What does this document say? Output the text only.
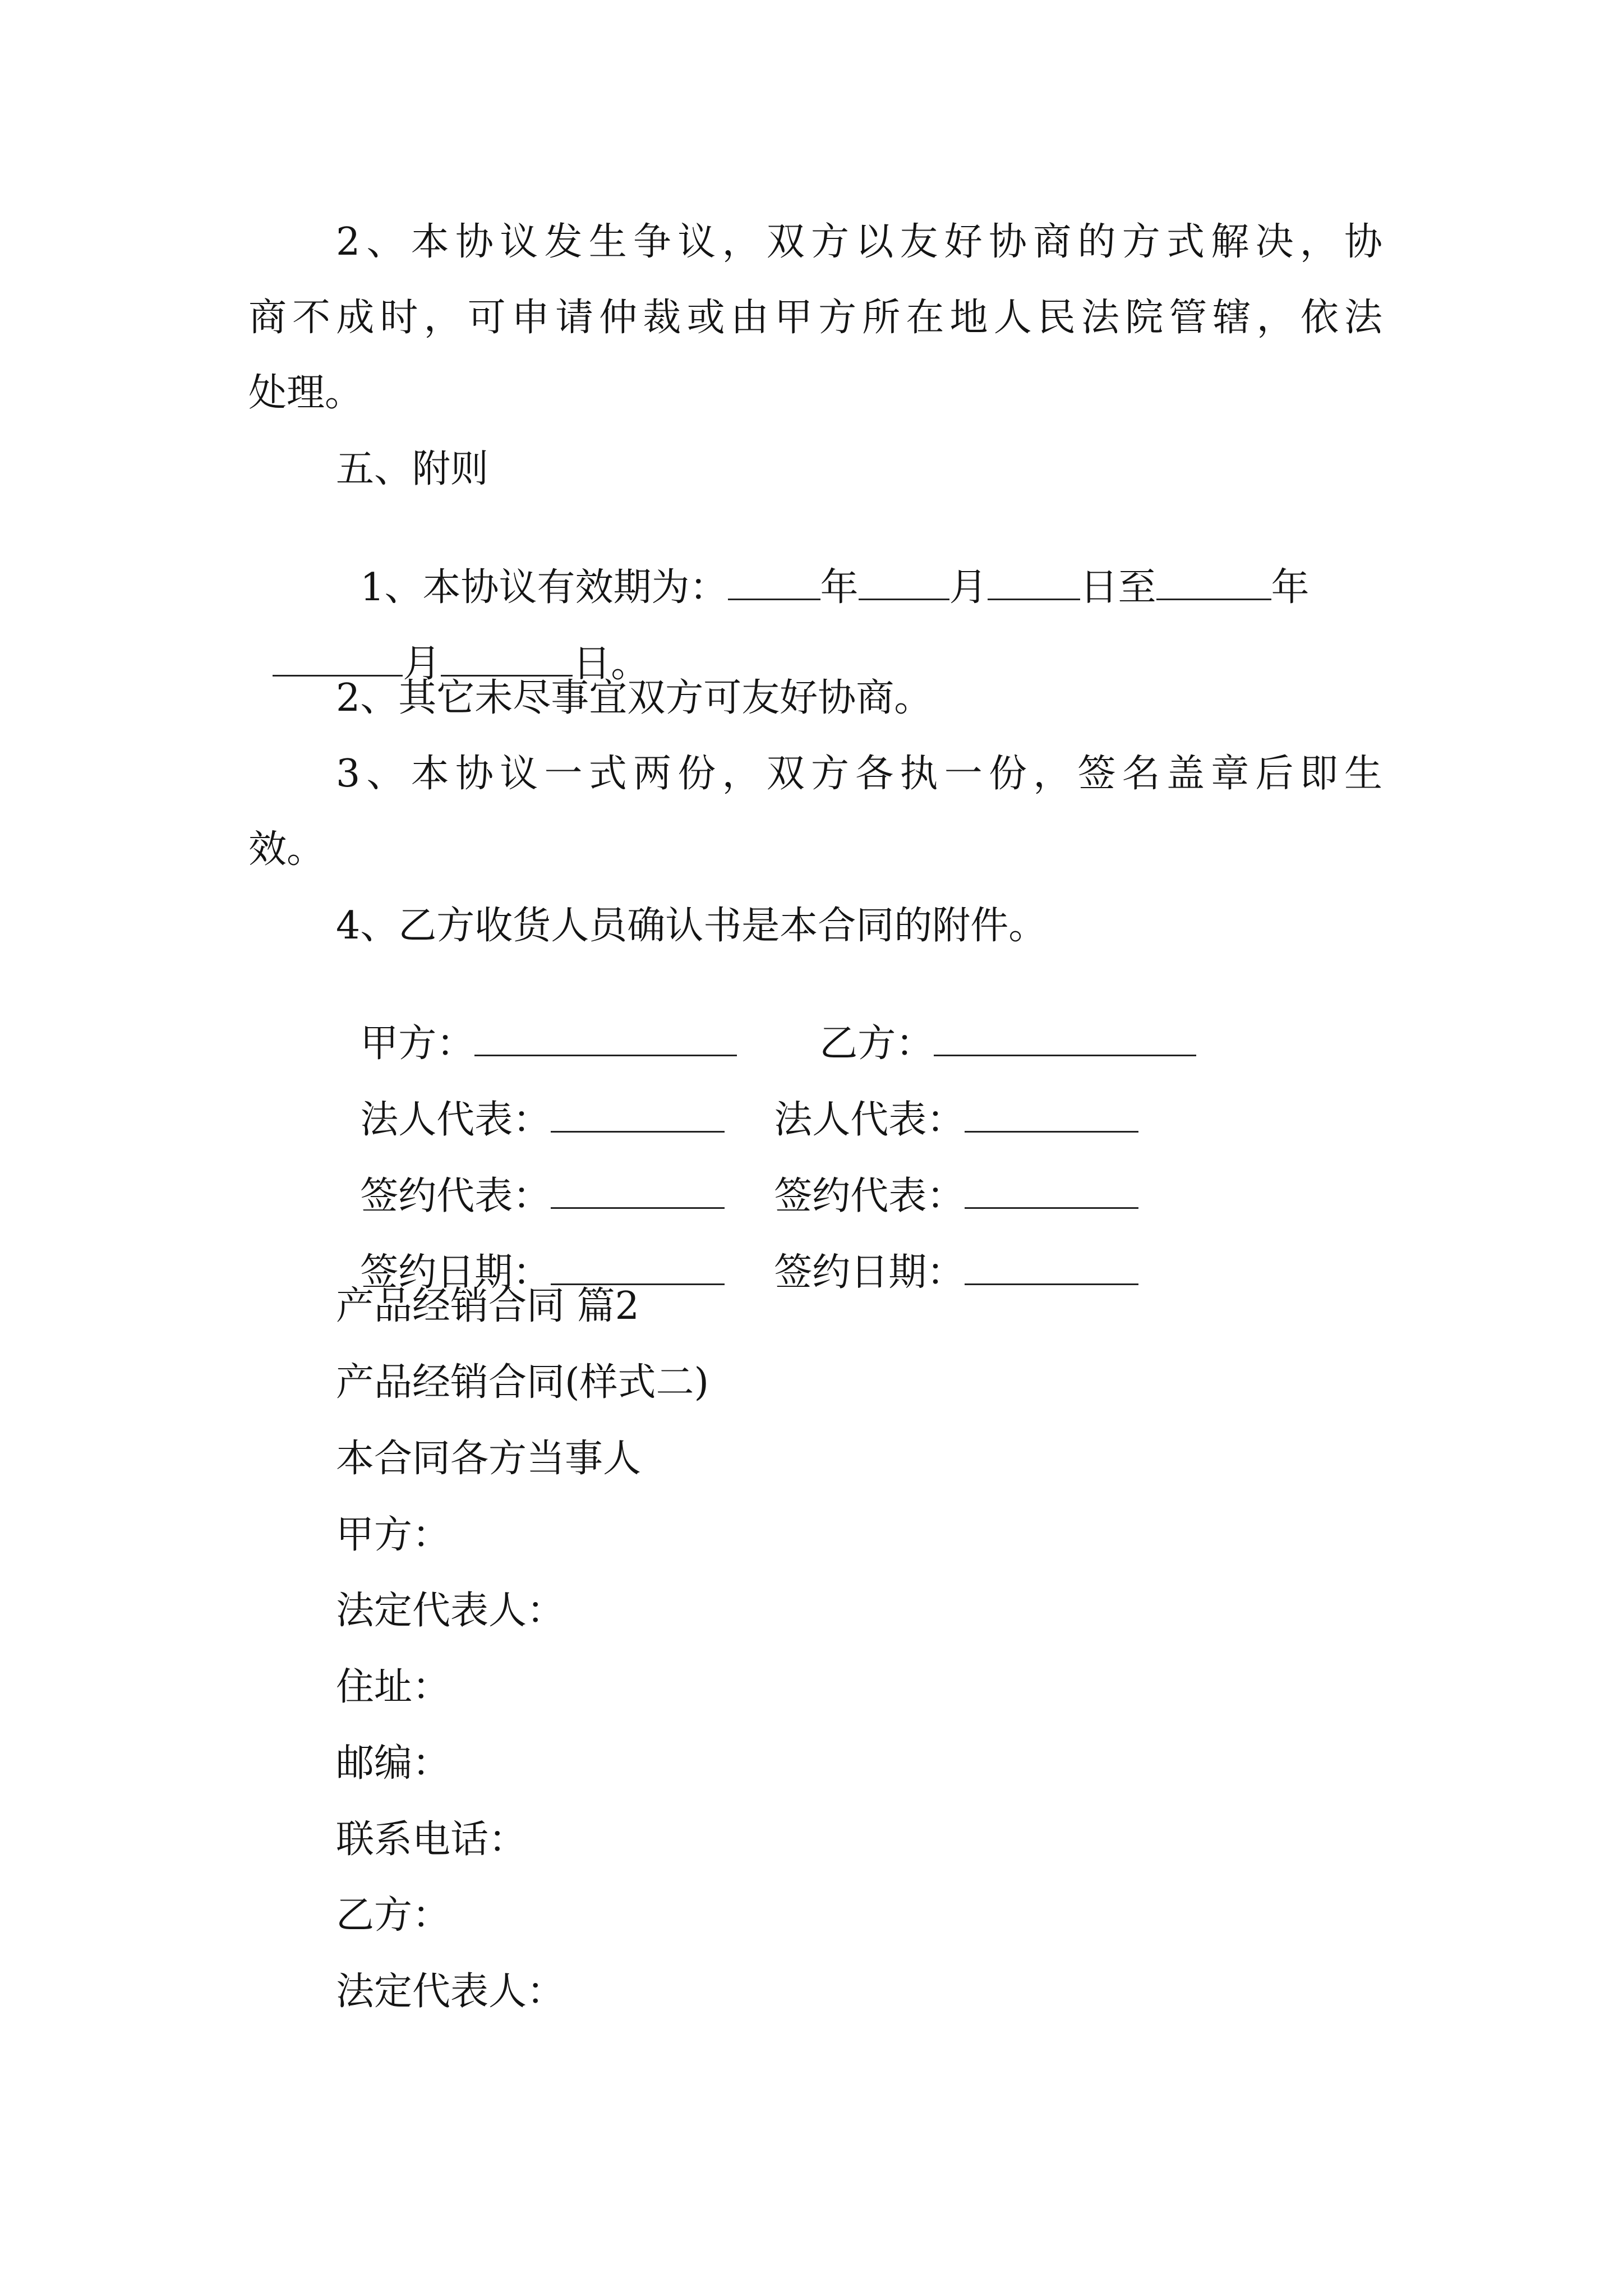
2、本协议发生争议，双方以友好协商的方式解决，协
商不成时，可申请仲裁或由甲方所在地人民法院管辖，依法
处理。
五、附则

1、本协议有效期为： 年 月 日至	年

月	日。

2、其它未尽事宜双方可友好协商。
3、本协议一式两份，双方各执一份，签名盖章后即生
效。
4、乙方收货人员确认书是本合同的附件。

甲方：	乙方：

法人代表：	法人代表：

签约代表：	签约代表：

签约日期：	签约日期：

产品经销合同 篇2
产品经销合同(样式二)
本合同各方当事人
甲方：
法定代表人：
住址：
邮编：
联系电话：
乙方：
法定代表人：
